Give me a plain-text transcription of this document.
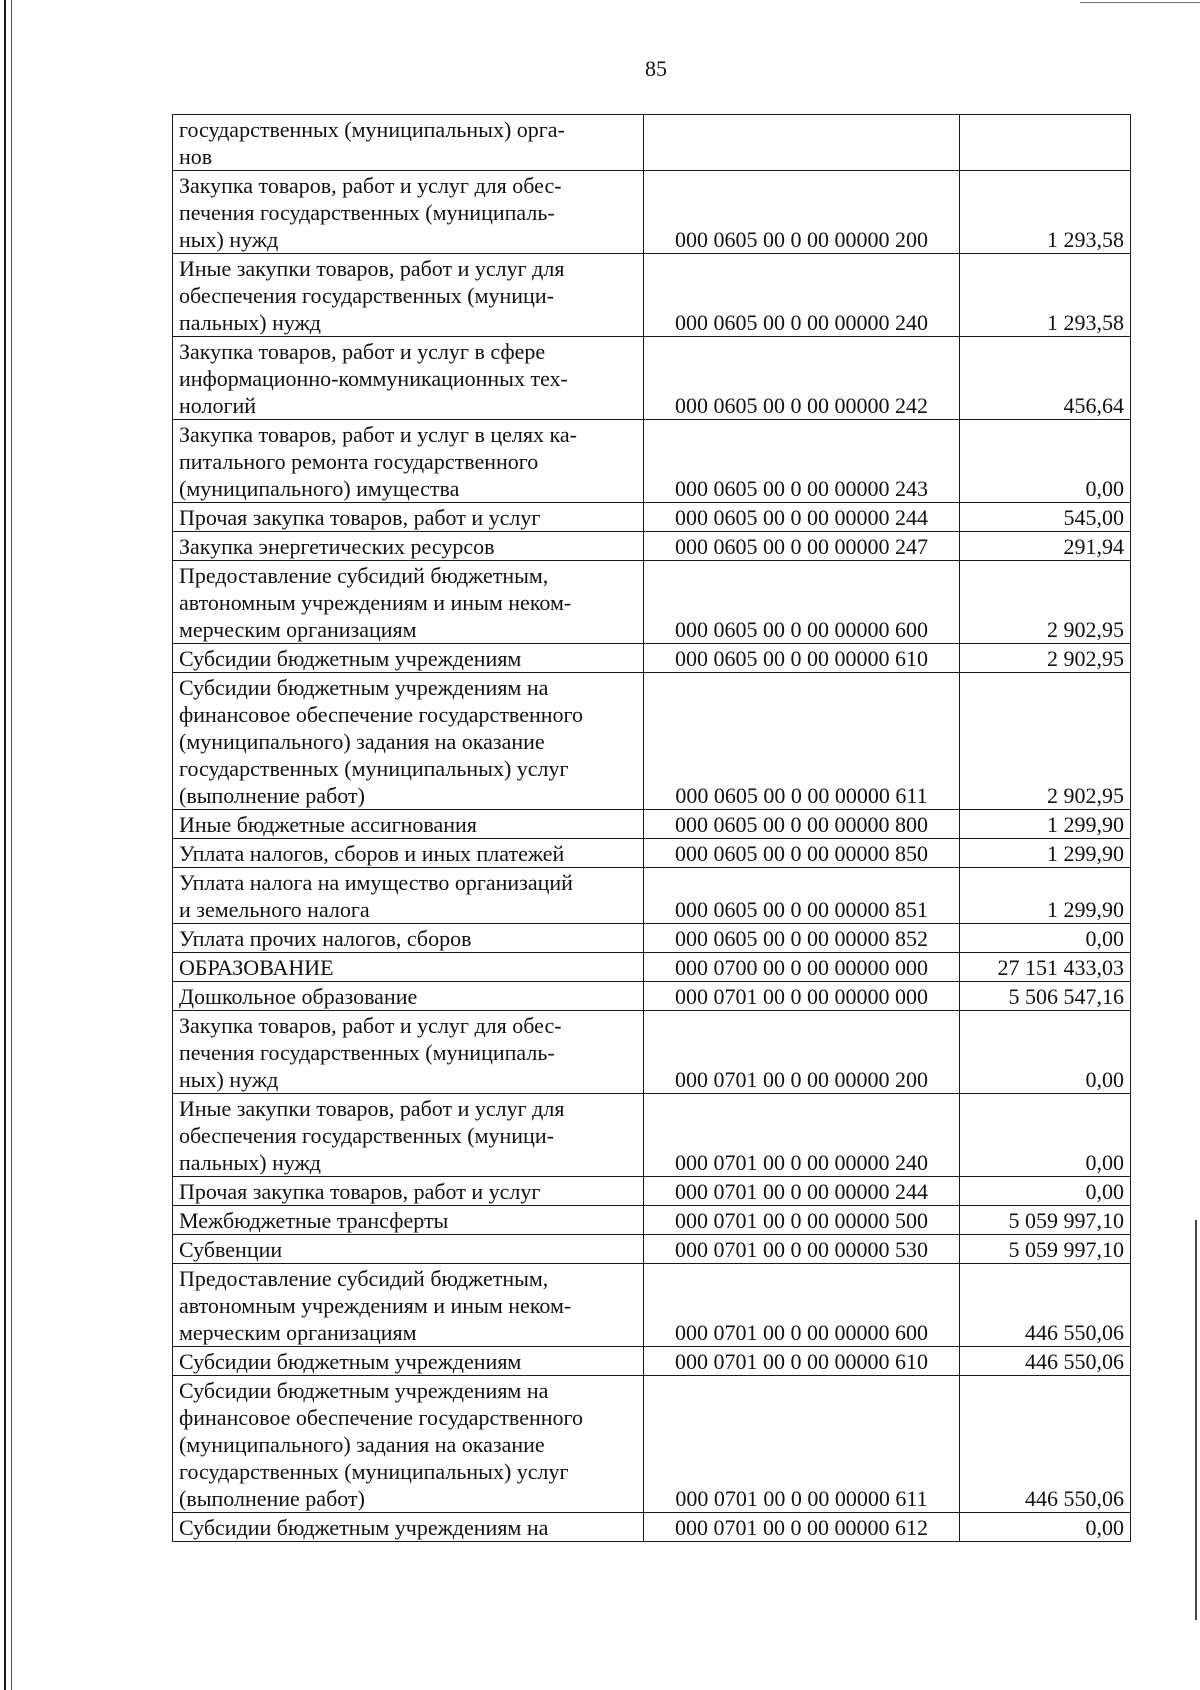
85
государственных (муниципальных) орга-
нов		
Закупка товаров, работ и услуг для обес-
печения государственных (муниципаль-
ных) нужд	000 0605 00 0 00 00000 200	1 293,58
Иные закупки товаров, работ и услуг для
обеспечения государственных (муници-
пальных) нужд	000 0605 00 0 00 00000 240	1 293,58
Закупка товаров, работ и услуг в сфере
информационно-коммуникационных тех-
нологий	000 0605 00 0 00 00000 242	456,64
Закупка товаров, работ и услуг в целях ка-
питального ремонта государственного
(муниципального) имущества	000 0605 00 0 00 00000 243	0,00
Прочая закупка товаров, работ и услуг	000 0605 00 0 00 00000 244	545,00
Закупка энергетических ресурсов	000 0605 00 0 00 00000 247	291,94
Предоставление субсидий бюджетным,
автономным учреждениям и иным неком-
мерческим организациям	000 0605 00 0 00 00000 600	2 902,95
Субсидии бюджетным учреждениям	000 0605 00 0 00 00000 610	2 902,95
Субсидии бюджетным учреждениям на
финансовое обеспечение государственного
(муниципального) задания на оказание
государственных (муниципальных) услуг
(выполнение работ)	000 0605 00 0 00 00000 611	2 902,95
Иные бюджетные ассигнования	000 0605 00 0 00 00000 800	1 299,90
Уплата налогов, сборов и иных платежей	000 0605 00 0 00 00000 850	1 299,90
Уплата налога на имущество организаций
и земельного налога	000 0605 00 0 00 00000 851	1 299,90
Уплата прочих налогов, сборов	000 0605 00 0 00 00000 852	0,00
ОБРАЗОВАНИЕ	000 0700 00 0 00 00000 000	27 151 433,03
Дошкольное образование	000 0701 00 0 00 00000 000	5 506 547,16
Закупка товаров, работ и услуг для обес-
печения государственных (муниципаль-
ных) нужд	000 0701 00 0 00 00000 200	0,00
Иные закупки товаров, работ и услуг для
обеспечения государственных (муници-
пальных) нужд	000 0701 00 0 00 00000 240	0,00
Прочая закупка товаров, работ и услуг	000 0701 00 0 00 00000 244	0,00
Межбюджетные трансферты	000 0701 00 0 00 00000 500	5 059 997,10
Субвенции	000 0701 00 0 00 00000 530	5 059 997,10
Предоставление субсидий бюджетным,
автономным учреждениям и иным неком-
мерческим организациям	000 0701 00 0 00 00000 600	446 550,06
Субсидии бюджетным учреждениям	000 0701 00 0 00 00000 610	446 550,06
Субсидии бюджетным учреждениям на
финансовое обеспечение государственного
(муниципального) задания на оказание
государственных (муниципальных) услуг
(выполнение работ)	000 0701 00 0 00 00000 611	446 550,06
Субсидии бюджетным учреждениям на	000 0701 00 0 00 00000 612	0,00
